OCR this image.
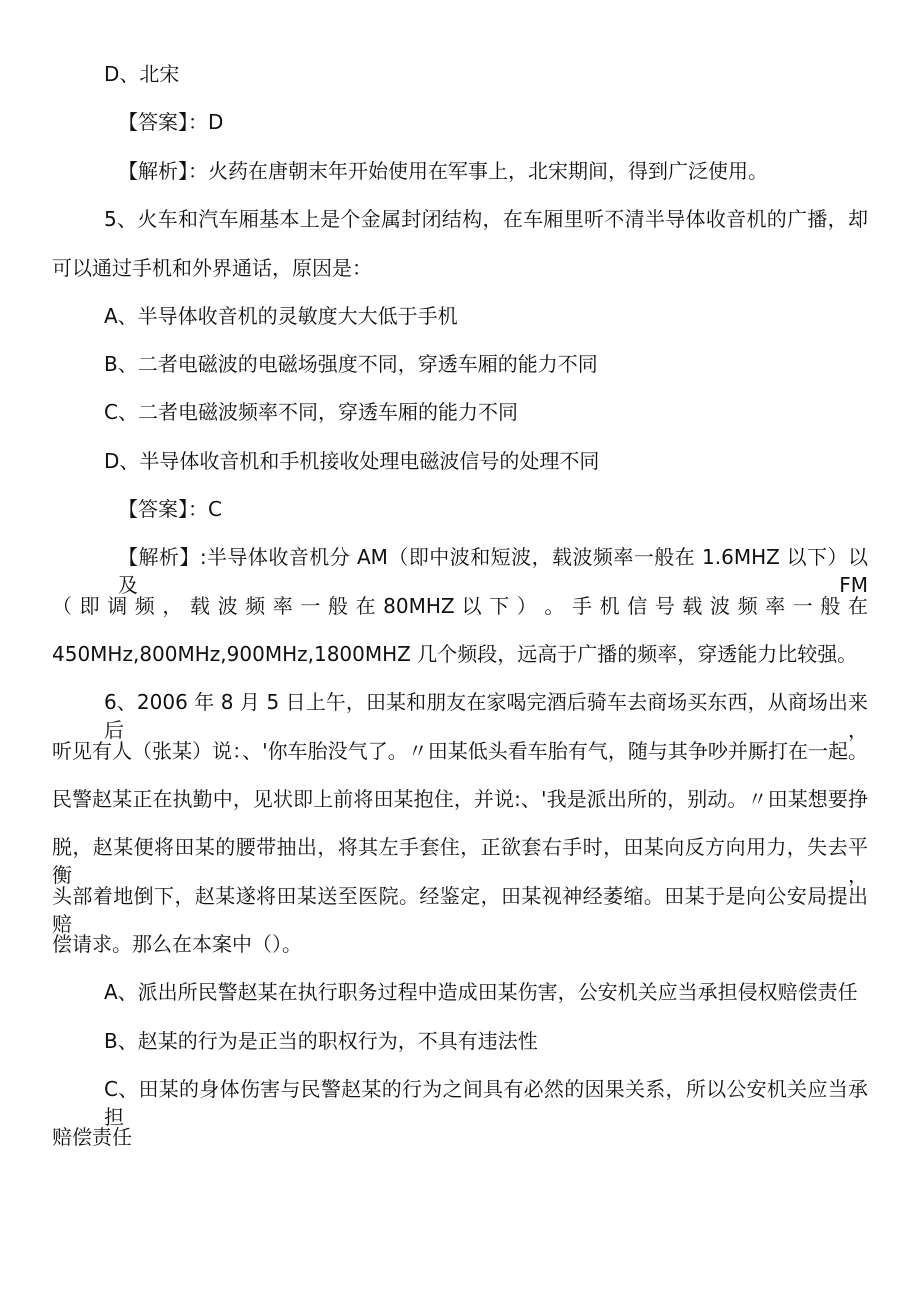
D、北宋

【答案】：D

【解析】：火药在唐朝末年开始使用在军事上，北宋期间，得到广泛使用。

5、火车和汽车厢基本上是个金属封闭结构，在车厢里听不清半导体收音机的广播，却

可以通过手机和外界通话，原因是：

A、半导体收音机的灵敏度大大低于手机

B、二者电磁波的电磁场强度不同，穿透车厢的能力不同

C、二者电磁波频率不同，穿透车厢的能力不同

D、半导体收音机和手机接收处理电磁波信号的处理不同

【答案】：C

【解析】:半导体收音机分 AM（即中波和短波，载波频率一般在 1.6MHZ 以下）以及 FM

（ 即 调 频 ， 载 波 频 率 一 般 在 80MHZ 以 下 ） 。 手 机 信 号 载 波 频 率 一 般 在

450MHz,800MHz,900MHz,1800MHZ 几个频段，远高于广播的频率，穿透能力比较强。

6、2006 年 8 月 5 日上午，田某和朋友在家喝完酒后骑车去商场买东西，从商场出来后，

听见有人（张某）说：、'你车胎没气了。〃田某低头看车胎有气，随与其争吵并厮打在一起。

民警赵某正在执勤中，见状即上前将田某抱住，并说:、'我是派出所的，别动。〃田某想要挣

脱，赵某便将田某的腰带抽出，将其左手套住，正欲套右手时，田某向反方向用力，失去平衡，

头部着地倒下，赵某遂将田某送至医院。经鉴定，田某视神经萎缩。田某于是向公安局提出赔

偿请求。那么在本案中（）。

A、派出所民警赵某在执行职务过程中造成田某伤害，公安机关应当承担侵权赔偿责任

B、赵某的行为是正当的职权行为，不具有违法性

C、田某的身体伤害与民警赵某的行为之间具有必然的因果关系，所以公安机关应当承担

赔偿责任
